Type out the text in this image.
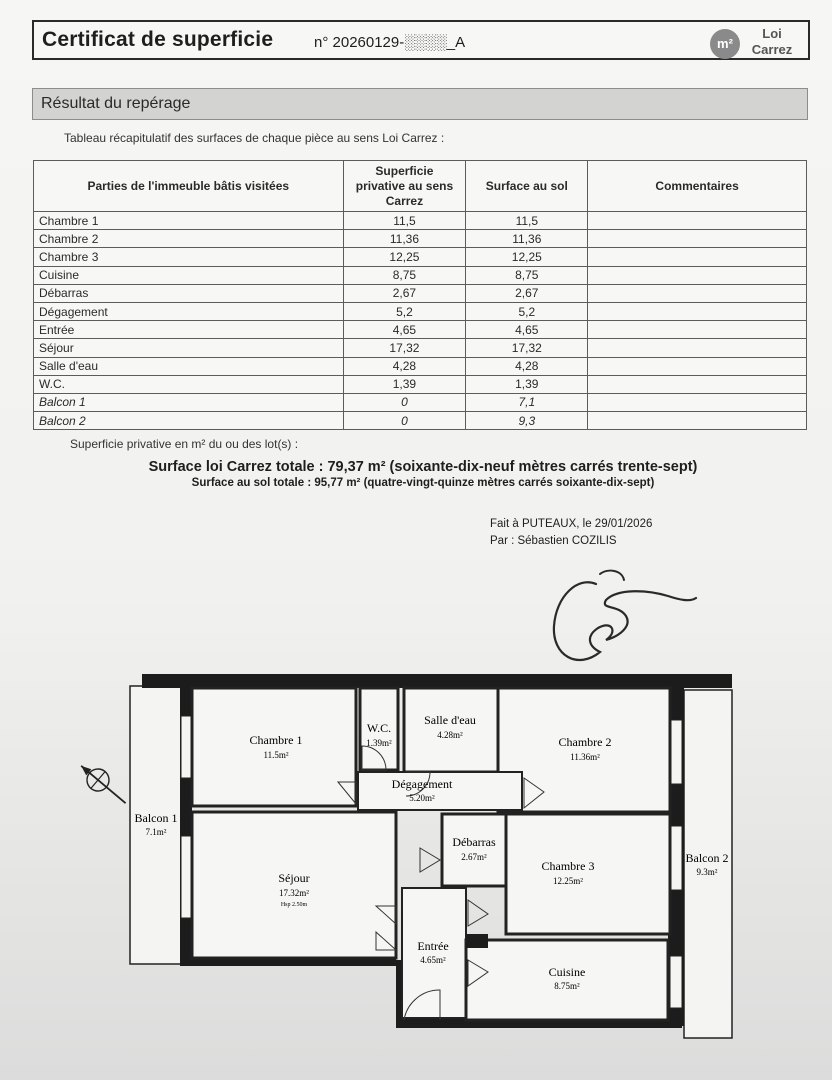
Certificat de superficie	n° 20260129-░░░░_A	m²
Loi
Carrez
Résultat du repérage
Tableau récapitulatif des surfaces de chaque pièce au sens Loi Carrez :
Parties de l'immeuble bâtis visitées	Superficie
privative au sens
Carrez	Surface au sol	Commentaires
Chambre 1	11,5	11,5	
Chambre 2	11,36	11,36	
Chambre 3	12,25	12,25	
Cuisine	8,75	8,75	
Débarras	2,67	2,67	
Dégagement	5,2	5,2	
Entrée	4,65	4,65	
Séjour	17,32	17,32	
Salle d'eau	4,28	4,28	
W.C.	1,39	1,39	
Balcon 1	0	7,1	
Balcon 2	0	9,3	
Superficie privative en m² du ou des lot(s) :
Surface loi Carrez totale : 79,37 m² (soixante-dix-neuf mètres carrés trente-sept)
Surface au sol totale : 95,77 m² (quatre-vingt-quinze mètres carrés soixante-dix-sept)
Fait à PUTEAUX, le 29/01/2026
Par : Sébastien COZILIS
Chambre 1
11.5m²
W.C.
1.39m²
Salle d'eau
4.28m²	Chambre 2
11.36m²
Dégagement
5.20m²
Débarras
2.67m²
Chambre 3
12.25m²
Séjour
17.32m²
Hsp 2.50m
Entrée
4.65m²
Cuisine
8.75m²
Balcon 1
7.1m²
Balcon 2
9.3m²
